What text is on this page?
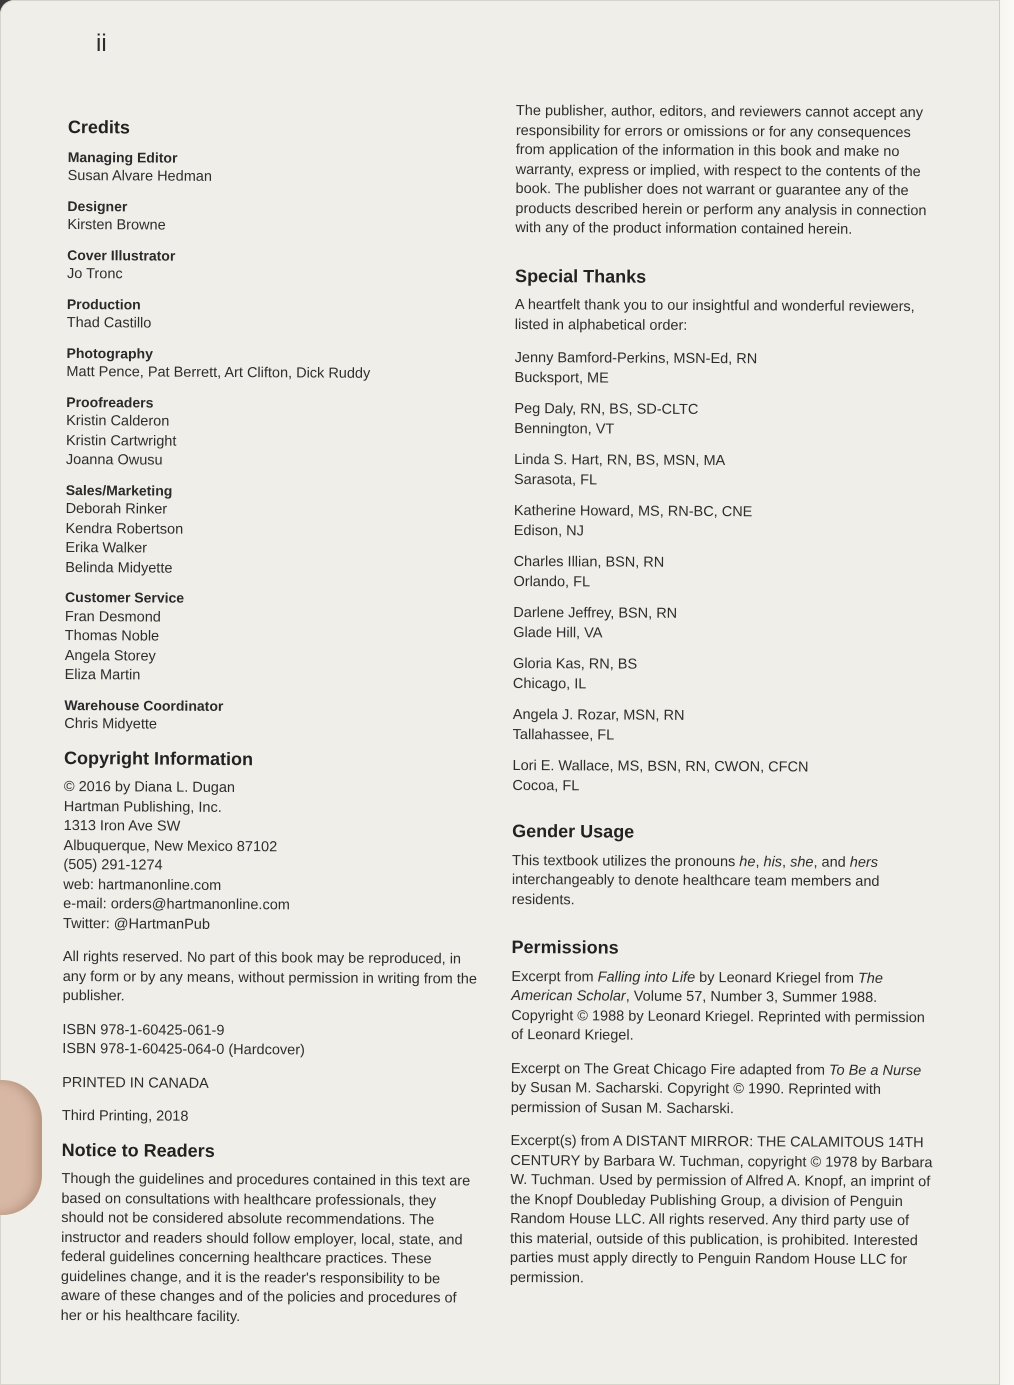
ii
Credits
Managing Editor
Susan Alvare Hedman
Designer
Kirsten Browne
Cover Illustrator
Jo Tronc
Production
Thad Castillo
Photography
Matt Pence, Pat Berrett, Art Clifton, Dick Ruddy
Proofreaders
Kristin Calderon
Kristin Cartwright
Joanna Owusu
Sales/Marketing
Deborah Rinker
Kendra Robertson
Erika Walker
Belinda Midyette
Customer Service
Fran Desmond
Thomas Noble
Angela Storey
Eliza Martin
Warehouse Coordinator
Chris Midyette
Copyright Information
© 2016 by Diana L. Dugan
Hartman Publishing, Inc.
1313 Iron Ave SW
Albuquerque, New Mexico 87102
(505) 291-1274
web: hartmanonline.com
e-mail: orders@hartmanonline.com
Twitter: @HartmanPub
All rights reserved. No part of this book may be reproduced, in any form or by any means, without permission in writing from the publisher.
ISBN 978-1-60425-061-9
ISBN 978-1-60425-064-0 (Hardcover)
PRINTED IN CANADA
Third Printing, 2018
Notice to Readers
Though the guidelines and procedures contained in this text are based on consultations with healthcare professionals, they should not be considered absolute recommendations. The instructor and readers should follow employer, local, state, and federal guidelines concerning healthcare practices. These guidelines change, and it is the reader's responsibility to be aware of these changes and of the policies and procedures of her or his healthcare facility.
The publisher, author, editors, and reviewers cannot accept any responsibility for errors or omissions or for any consequences from application of the information in this book and make no warranty, express or implied, with respect to the contents of the book. The publisher does not warrant or guarantee any of the products described herein or perform any analysis in connection with any of the product information contained herein.
Special Thanks
A heartfelt thank you to our insightful and wonderful reviewers, listed in alphabetical order:
Jenny Bamford-Perkins, MSN-Ed, RN
Bucksport, ME
Peg Daly, RN, BS, SD-CLTC
Bennington, VT
Linda S. Hart, RN, BS, MSN, MA
Sarasota, FL
Katherine Howard, MS, RN-BC, CNE
Edison, NJ
Charles Illian, BSN, RN
Orlando, FL
Darlene Jeffrey, BSN, RN
Glade Hill, VA
Gloria Kas, RN, BS
Chicago, IL
Angela J. Rozar, MSN, RN
Tallahassee, FL
Lori E. Wallace, MS, BSN, RN, CWON, CFCN
Cocoa, FL
Gender Usage
This textbook utilizes the pronouns he, his, she, and hers interchangeably to denote healthcare team members and residents.
Permissions
Excerpt from Falling into Life by Leonard Kriegel from The American Scholar, Volume 57, Number 3, Summer 1988. Copyright © 1988 by Leonard Kriegel. Reprinted with permission of Leonard Kriegel.
Excerpt on The Great Chicago Fire adapted from To Be a Nurse by Susan M. Sacharski. Copyright © 1990. Reprinted with permission of Susan M. Sacharski.
Excerpt(s) from A DISTANT MIRROR: THE CALAMITOUS 14TH CENTURY by Barbara W. Tuchman, copyright © 1978 by Barbara W. Tuchman. Used by permission of Alfred A. Knopf, an imprint of the Knopf Doubleday Publishing Group, a division of Penguin Random House LLC. All rights reserved. Any third party use of this material, outside of this publication, is prohibited. Interested parties must apply directly to Penguin Random House LLC for permission.
